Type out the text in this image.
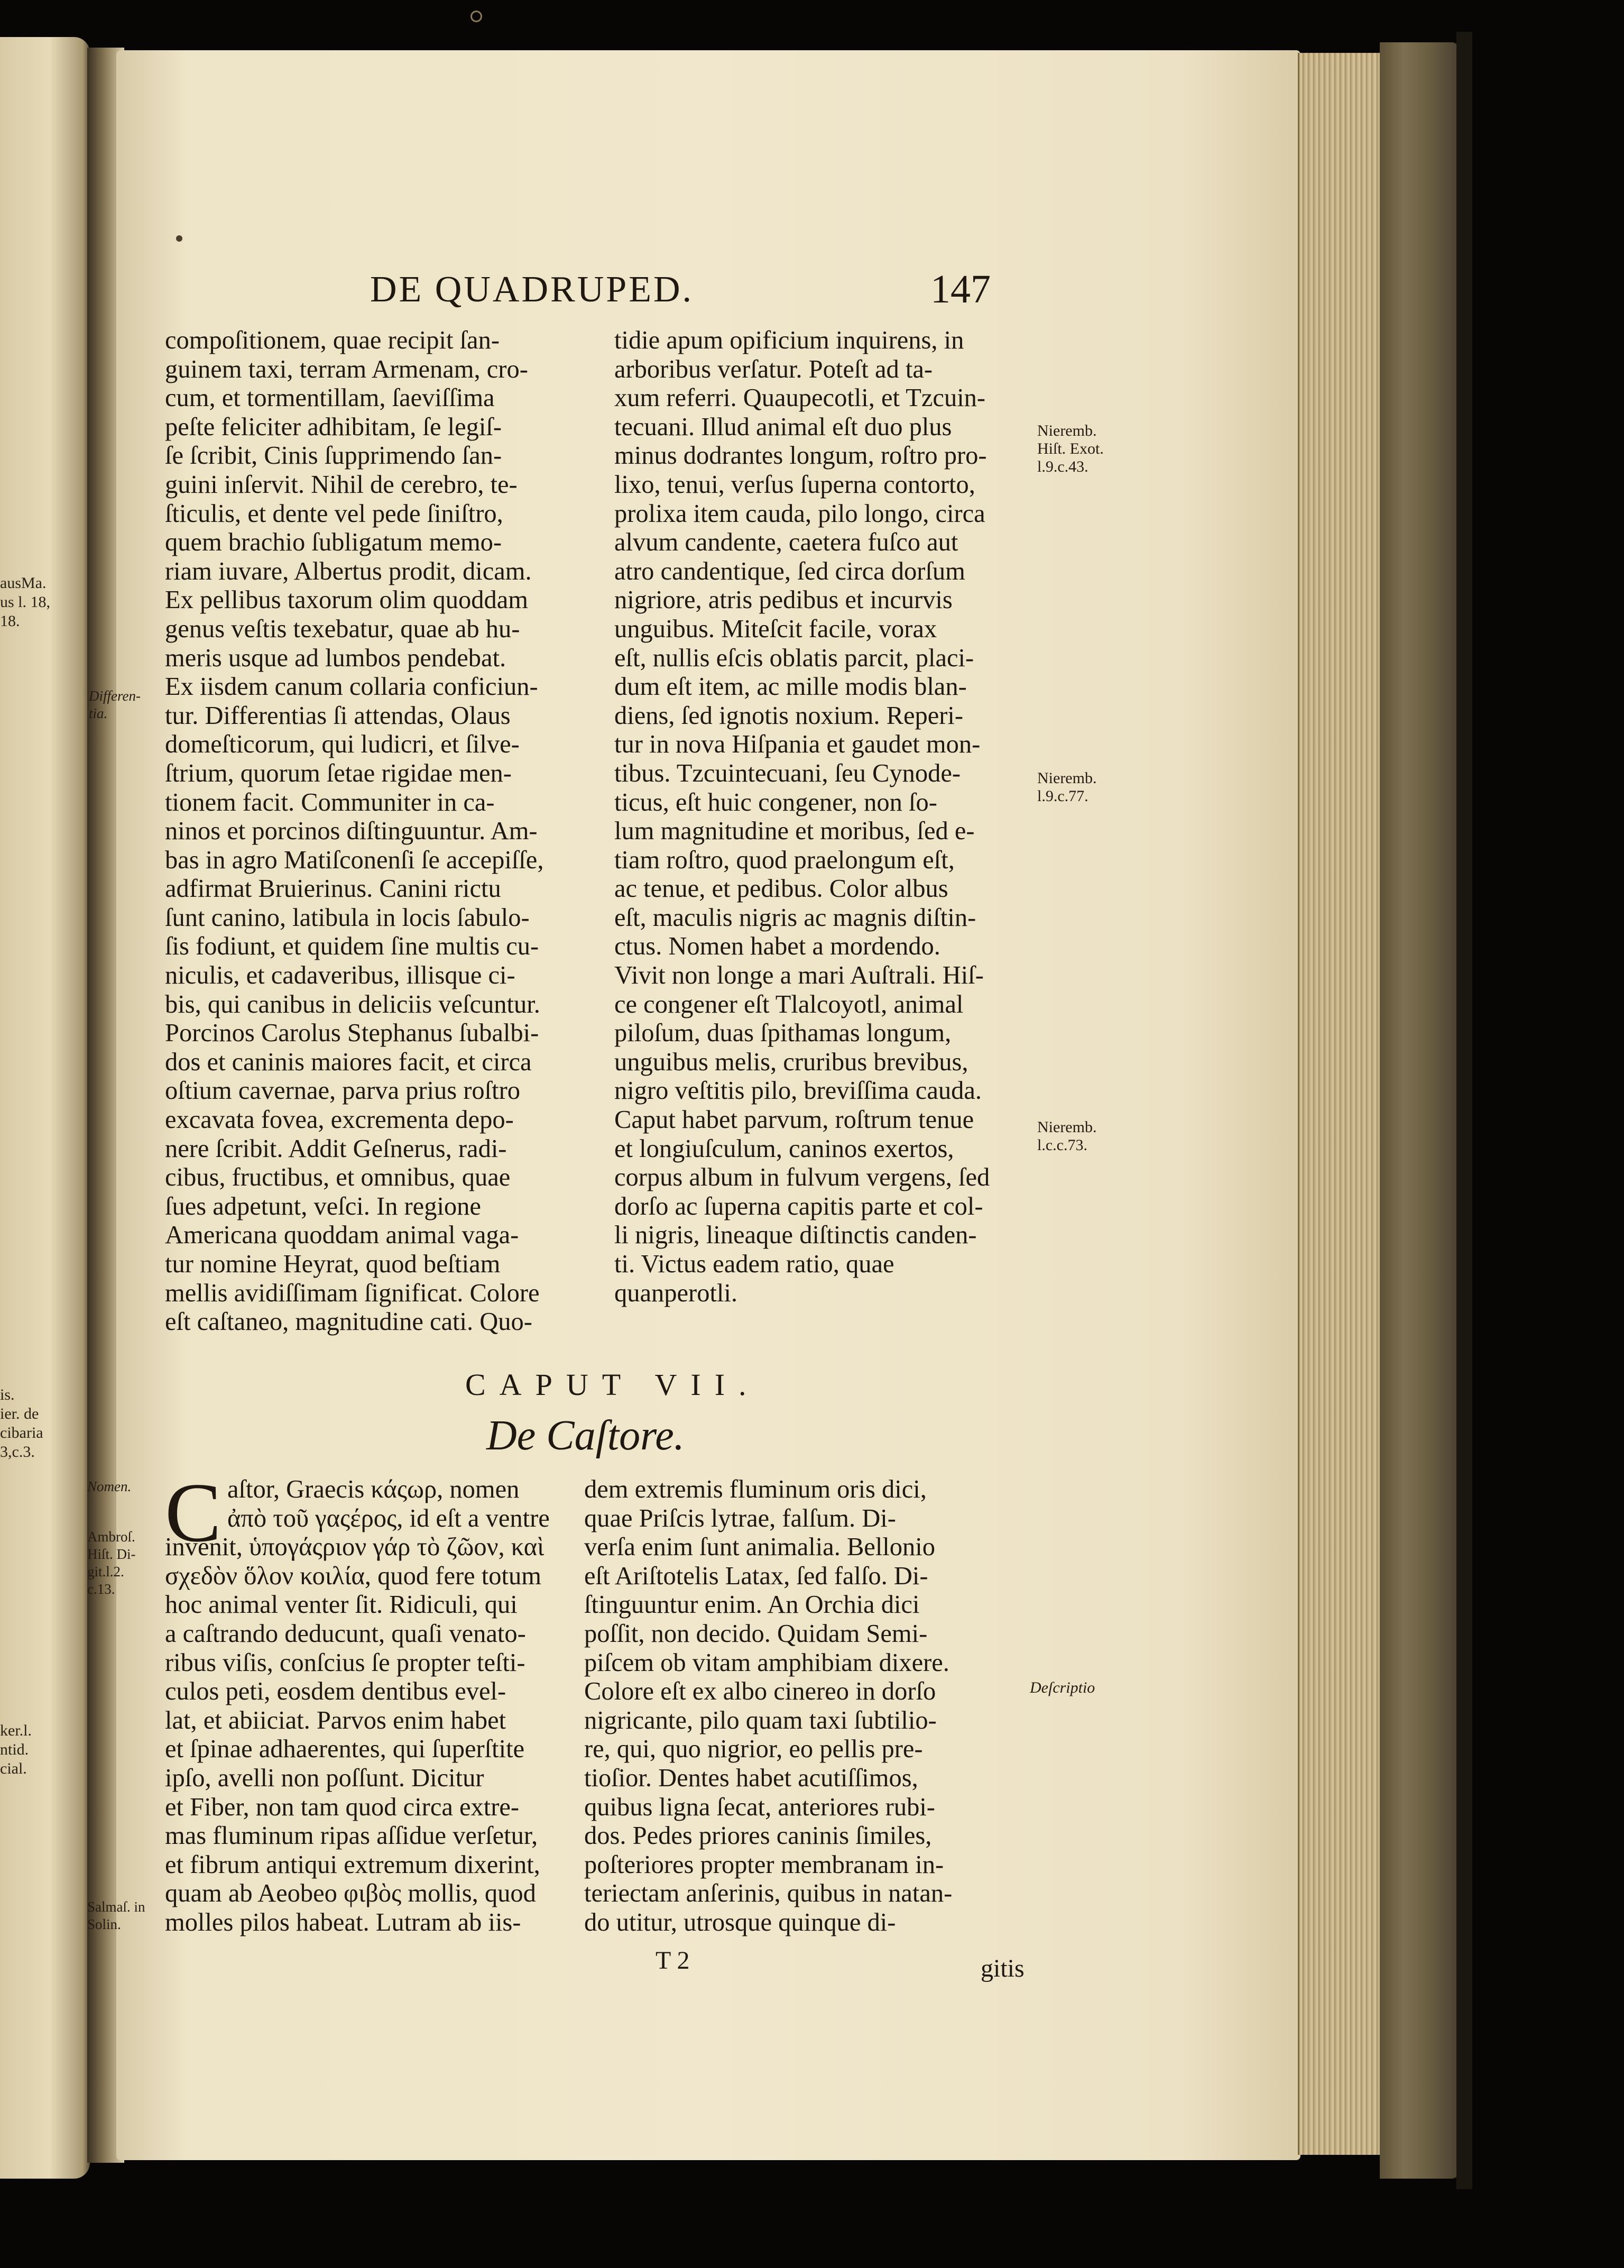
ausMa.
us l. 18,
18.
is.
ier. de
cibaria
3,c.3.
ker.l.
ntid.
cial.
DE QUADRUPED.	147

compoſitionem, quae recipit ſan-

guinem taxi, terram Armenam, cro-

cum, et tormentillam, ſaeviſſima

peſte feliciter adhibitam, ſe legiſ-

ſe ſcribit, Cinis ſupprimendo ſan-

guini inſervit. Nihil de cerebro, te-

ſticulis, et dente vel pede ſiniſtro,

quem brachio ſubligatum memo-

riam iuvare, Albertus prodit, dicam.

Ex pellibus taxorum olim quoddam

genus veſtis texebatur, quae ab hu-

meris usque ad lumbos pendebat.

Ex iisdem canum collaria conficiun-

tur. Differentias ſi attendas, Olaus

domeſticorum, qui ludicri, et ſilve-

ſtrium, quorum ſetae rigidae men-

tionem facit. Communiter in ca-

ninos et porcinos diſtinguuntur. Am-

bas in agro Matiſconenſi ſe accepiſſe,

adfirmat Bruierinus. Canini rictu

ſunt canino, latibula in locis ſabulo-

ſis fodiunt, et quidem ſine multis cu-

niculis, et cadaveribus, illisque ci-

bis, qui canibus in deliciis veſcuntur.

Porcinos Carolus Stephanus ſubalbi-

dos et caninis maiores facit, et circa

oſtium cavernae, parva prius roſtro

excavata fovea, excrementa depo-

nere ſcribit. Addit Geſnerus, radi-

cibus, fructibus, et omnibus, quae

ſues adpetunt, veſci. In regione

Americana quoddam animal vaga-

tur nomine Heyrat, quod beſtiam

mellis avidiſſimam ſignificat. Colore

eſt caſtaneo, magnitudine cati. Quo-

tidie apum opificium inquirens, in

arboribus verſatur. Poteſt ad ta-

xum referri. Quaupecotli, et Tzcuin-

tecuani. Illud animal eſt duo plus

minus dodrantes longum, roſtro pro-

lixo, tenui, verſus ſuperna contorto,

prolixa item cauda, pilo longo, circa

alvum candente, caetera fuſco aut

atro candentique, ſed circa dorſum

nigriore, atris pedibus et incurvis

unguibus. Miteſcit facile, vorax

eſt, nullis eſcis oblatis parcit, placi-

dum eſt item, ac mille modis blan-

diens, ſed ignotis noxium. Reperi-

tur in nova Hiſpania et gaudet mon-

tibus. Tzcuintecuani, ſeu Cynode-

ticus, eſt huic congener, non ſo-

lum magnitudine et moribus, ſed e-

tiam roſtro, quod praelongum eſt,

ac tenue, et pedibus. Color albus

eſt, maculis nigris ac magnis diſtin-

ctus. Nomen habet a mordendo.

Vivit non longe a mari Auſtrali. Hiſ-

ce congener eſt Tlalcoyotl, animal

piloſum, duas ſpithamas longum,

unguibus melis, cruribus brevibus,

nigro veſtitis pilo, breviſſima cauda.

Caput habet parvum, roſtrum tenue

et longiuſculum, caninos exertos,

corpus album in fulvum vergens, ſed

dorſo ac ſuperna capitis parte et col-

li nigris, lineaque diſtinctis canden-

ti. Victus eadem ratio, quae

quanperotli.

CAPUT VII.
De Caſtore.
C aſtor, Graecis κάςωρ, nomen

ἀπὸ τοῦ γαςέρος, id eſt a ventre

invenit, ὑπογάςριον γάρ τὸ ζῶον, καὶ

σχεδὸν ὅλον κοιλία, quod fere totum

hoc animal venter ſit. Ridiculi, qui

a caſtrando deducunt, quaſi venato-

ribus viſis, conſcius ſe propter teſti-

culos peti, eosdem dentibus evel-

lat, et abiiciat. Parvos enim habet

et ſpinae adhaerentes, qui ſuperſtite

ipſo, avelli non poſſunt. Dicitur

et Fiber, non tam quod circa extre-

mas fluminum ripas aſſidue verſetur,

et fibrum antiqui extremum dixerint,

quam ab Aeobeo φιβὸς mollis, quod

molles pilos habeat. Lutram ab iis-

dem extremis fluminum oris dici,

quae Priſcis lytrae, falſum. Di-

verſa enim ſunt animalia. Bellonio

eſt Ariſtotelis Latax, ſed falſo. Di-

ſtinguuntur enim. An Orchia dici

poſſit, non decido. Quidam Semi-

piſcem ob vitam amphibiam dixere.

Colore eſt ex albo cinereo in dorſo

nigricante, pilo quam taxi ſubtilio-

re, qui, quo nigrior, eo pellis pre-

tioſior. Dentes habet acutiſſimos,

quibus ligna ſecat, anteriores rubi-

dos. Pedes priores caninis ſimiles,

poſteriores propter membranam in-

teriectam anſerinis, quibus in natan-

do utitur, utrosque quinque di-

Differen-
tia.
Nieremb.
Hiſt. Exot.
l.9.c.43.
Nieremb.
l.9.c.77.
Nieremb.
l.c.c.73.
Nomen.
Ambroſ.
Hiſt. Di-
git.l.2.
c.13.
Salmaſ. in
Solin.
Deſcriptio
T 2	gitis
